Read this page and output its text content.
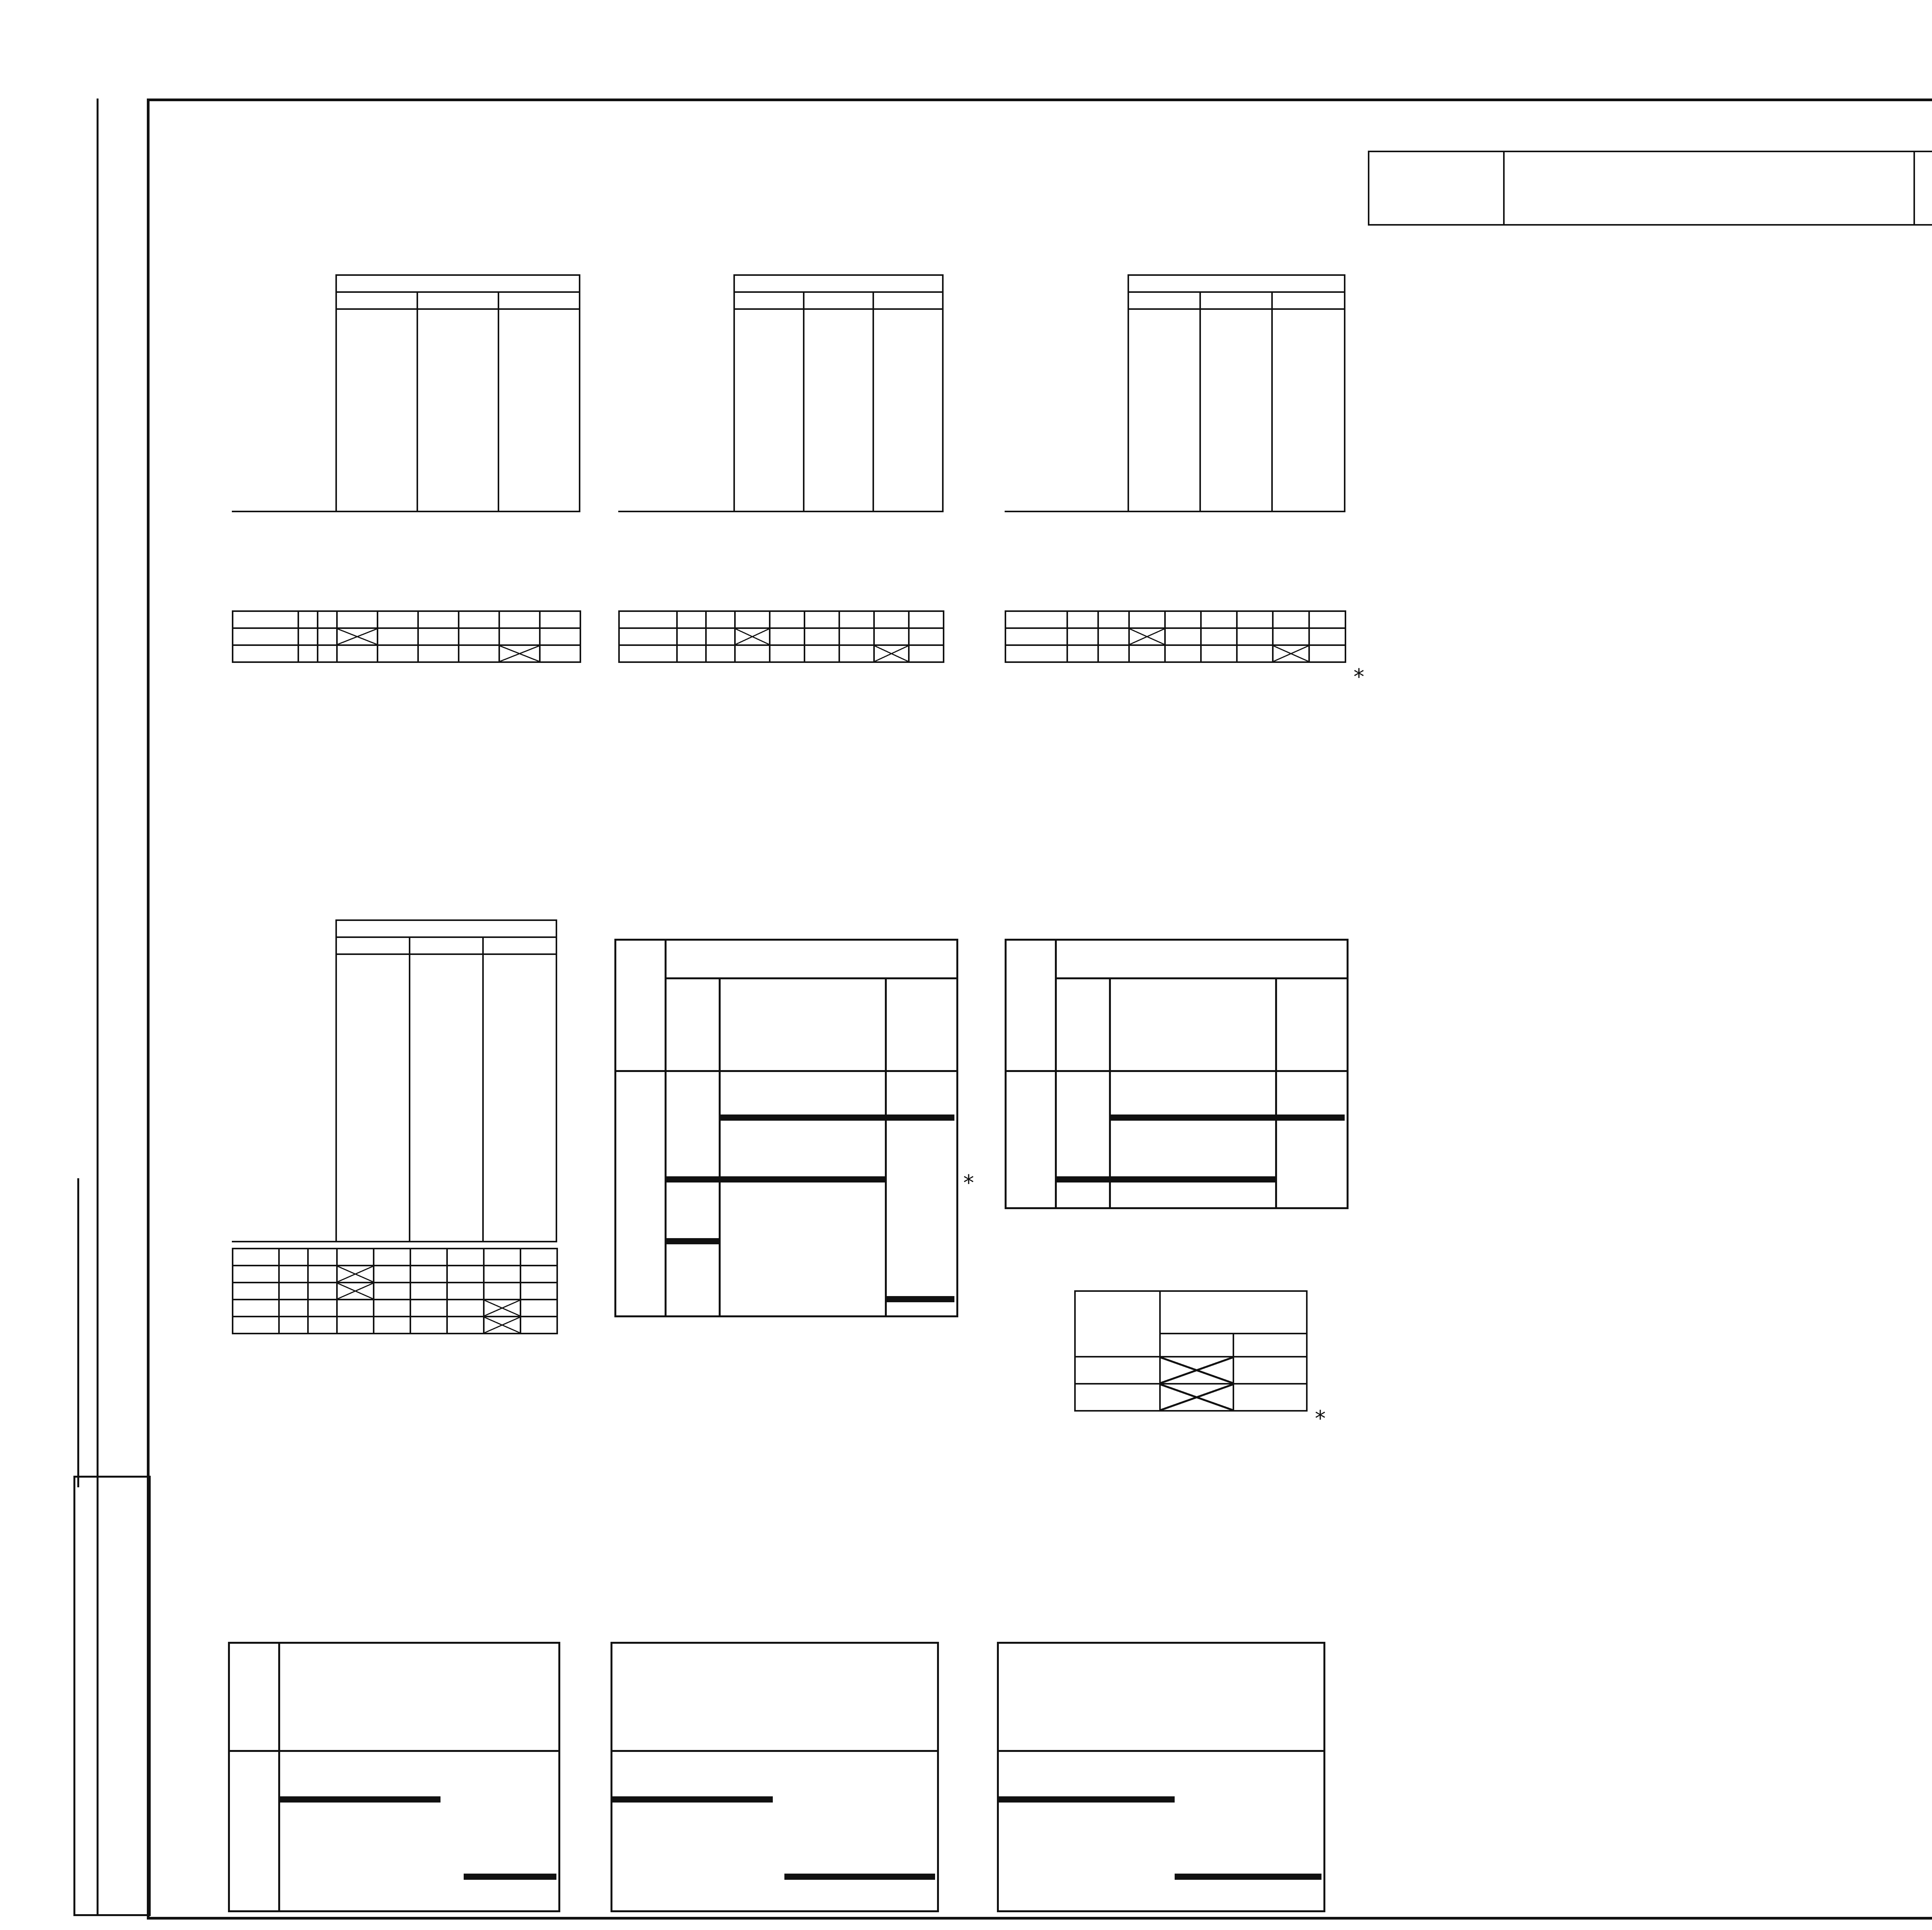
*

*

*
